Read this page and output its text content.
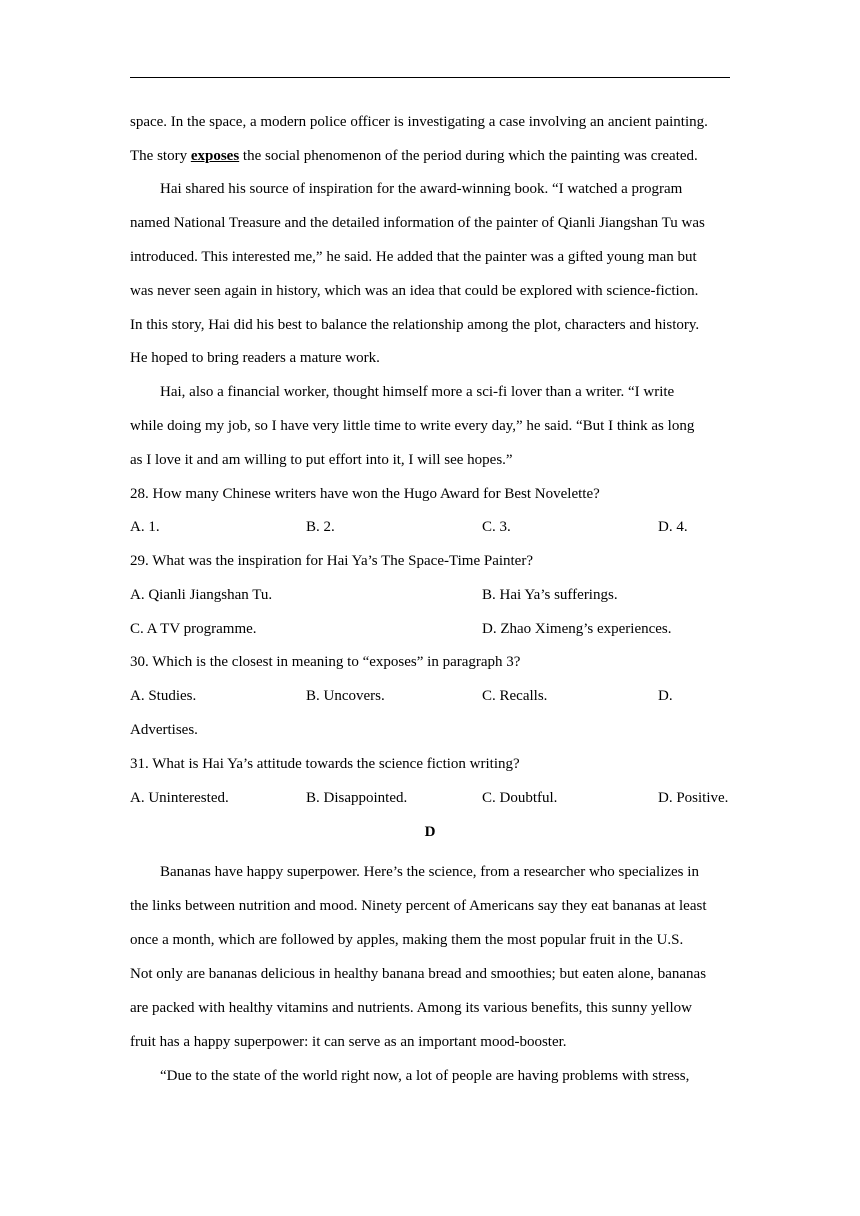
space. In the space, a modern police officer is investigating a case involving an ancient painting.
The story exposes the social phenomenon of the period during which the painting was created.
Hai shared his source of inspiration for the award-winning book. “I watched a program
named National Treasure and the detailed information of the painter of Qianli Jiangshan Tu was
introduced. This interested me,” he said. He added that the painter was a gifted young man but
was never seen again in history, which was an idea that could be explored with science-fiction.
In this story, Hai did his best to balance the relationship among the plot, characters and history.
He hoped to bring readers a mature work.
Hai, also a financial worker, thought himself more a sci-fi lover than a writer. “I write
while doing my job, so I have very little time to write every day,” he said. “But I think as long
as I love it and am willing to put effort into it, I will see hopes.”
28. How many Chinese writers have won the Hugo Award for Best Novelette?
A. 1.	B. 2.	C. 3.	D. 4.
29. What was the inspiration for Hai Ya’s The Space-Time Painter?
A. Qianli Jiangshan Tu.	B. Hai Ya’s sufferings.
C. A TV programme.	D. Zhao Ximeng’s experiences.
30. Which is the closest in meaning to “exposes” in paragraph 3?
A. Studies.	B. Uncovers.	C. Recalls.	D.
Advertises.
31. What is Hai Ya’s attitude towards the science fiction writing?
A. Uninterested.	B. Disappointed.	C. Doubtful.	D. Positive.
D
Bananas have happy superpower. Here’s the science, from a researcher who specializes in
the links between nutrition and mood. Ninety percent of Americans say they eat bananas at least
once a month, which are followed by apples, making them the most popular fruit in the U.S.
Not only are bananas delicious in healthy banana bread and smoothies; but eaten alone, bananas
are packed with healthy vitamins and nutrients. Among its various benefits, this sunny yellow
fruit has a happy superpower: it can serve as an important mood-booster.
“Due to the state of the world right now, a lot of people are having problems with stress,
